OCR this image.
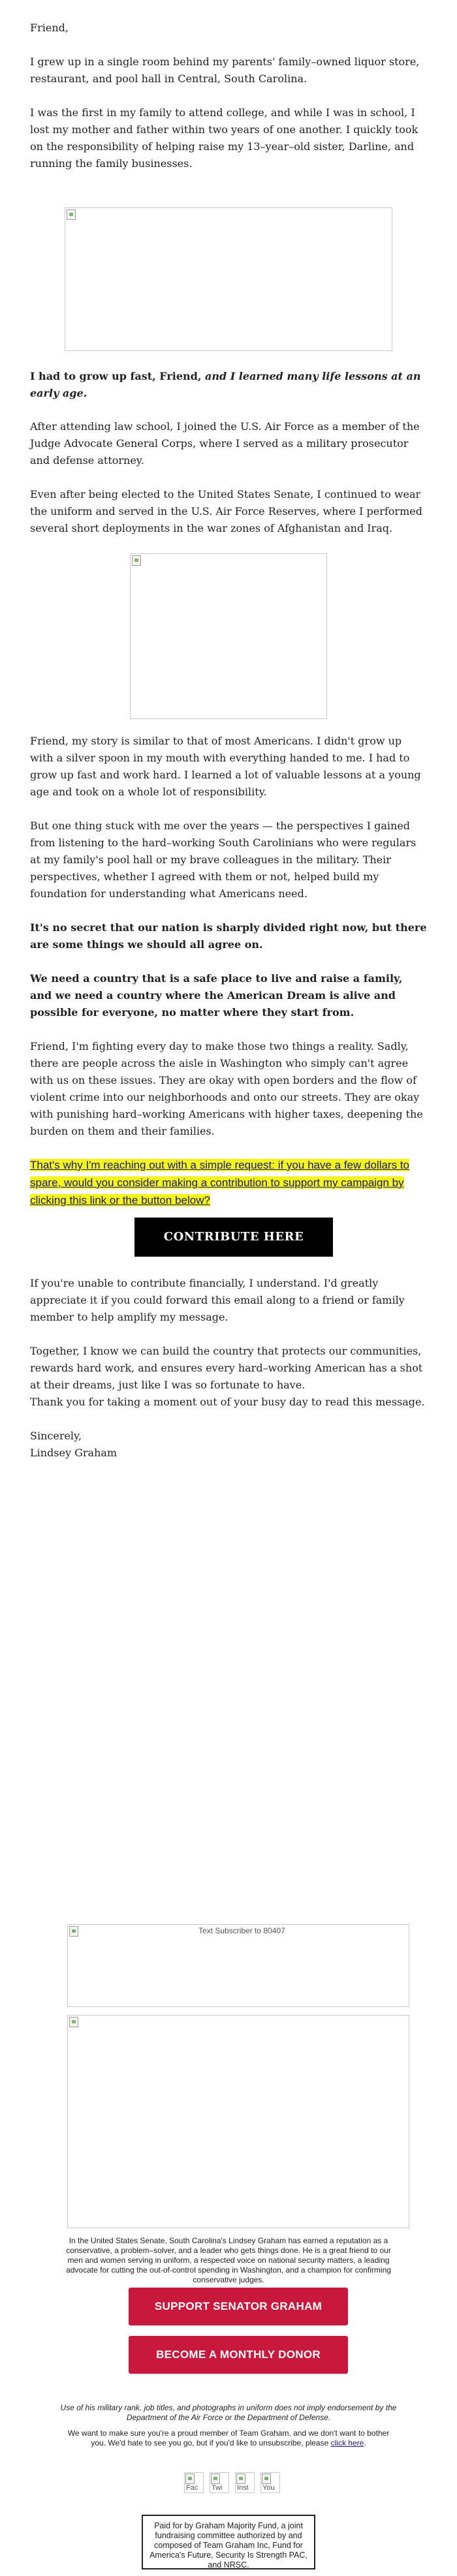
Friend,

I grew up in a single room behind my parents' family–owned liquor store, restaurant, and pool hall in Central, South Carolina.

I was the first in my family to attend college, and while I was in school, I lost my mother and father within two years of one another. I quickly took on the responsibility of helping raise my 13–year–old sister, Darline, and running the family businesses.

I had to grow up fast, Friend, and I learned many life lessons at an early age.

After attending law school, I joined the U.S. Air Force as a member of the Judge Advocate General Corps, where I served as a military prosecutor and defense attorney.

Even after being elected to the United States Senate, I continued to wear the uniform and served in the U.S. Air Force Reserves, where I performed several short deployments in the war zones of Afghanistan and Iraq.

Friend, my story is similar to that of most Americans. I didn't grow up with a silver spoon in my mouth with everything handed to me. I had to grow up fast and work hard. I learned a lot of valuable lessons at a young age and took on a whole lot of responsibility.

But one thing stuck with me over the years — the perspectives I gained from listening to the hard–working South Carolinians who were regulars at my family's pool hall or my brave colleagues in the military. Their perspectives, whether I agreed with them or not, helped build my foundation for understanding what Americans need.

It's no secret that our nation is sharply divided right now, but there are some things we should all agree on.

We need a country that is a safe place to live and raise a family, and we need a country where the American Dream is alive and possible for everyone, no matter where they start from.

Friend, I'm fighting every day to make those two things a reality. Sadly, there are people across the aisle in Washington who simply can't agree with us on these issues. They are okay with open borders and the flow of violent crime into our neighborhoods and onto our streets. They are okay with punishing hard–working Americans with higher taxes, deepening the burden on them and their families.

That's why I'm reaching out with a simple request: if you have a few dollars to spare, would you consider making a contribution to support my campaign by clicking this link or the button below?

CONTRIBUTE HERE

If you're unable to contribute financially, I understand. I'd greatly appreciate it if you could forward this email along to a friend or family member to help amplify my message.

Together, I know we can build the country that protects our communities, rewards hard work, and ensures every hard–working American has a shot at their dreams, just like I was so fortunate to have.

Thank you for taking a moment out of your busy day to read this message.

Sincerely,

Lindsey Graham

Text Subscriber to 80407
In the United States Senate, South Carolina's Lindsey Graham has earned a reputation as a conservative, a problem–solver, and a leader who gets things done. He is a great friend to our men and women serving in uniform, a respected voice on national security matters, a leading advocate for cutting the out-of-control spending in Washington, and a champion for confirming conservative judges.
SUPPORT SENATOR GRAHAM
BECOME A MONTHLY DONOR
Use of his military rank, job titles, and photographs in uniform does not imply endorsement by the Department of the Air Force or the Department of Defense.
We want to make sure you're a proud member of Team Graham, and we don't want to bother you. We'd hate to see you go, but if you'd like to unsubscribe, please click here.
Fac Twi Inst You
Paid for by Graham Majority Fund, a joint fundraising committee authorized by and composed of Team Graham Inc, Fund for America's Future, Security Is Strength PAC, and NRSC.
